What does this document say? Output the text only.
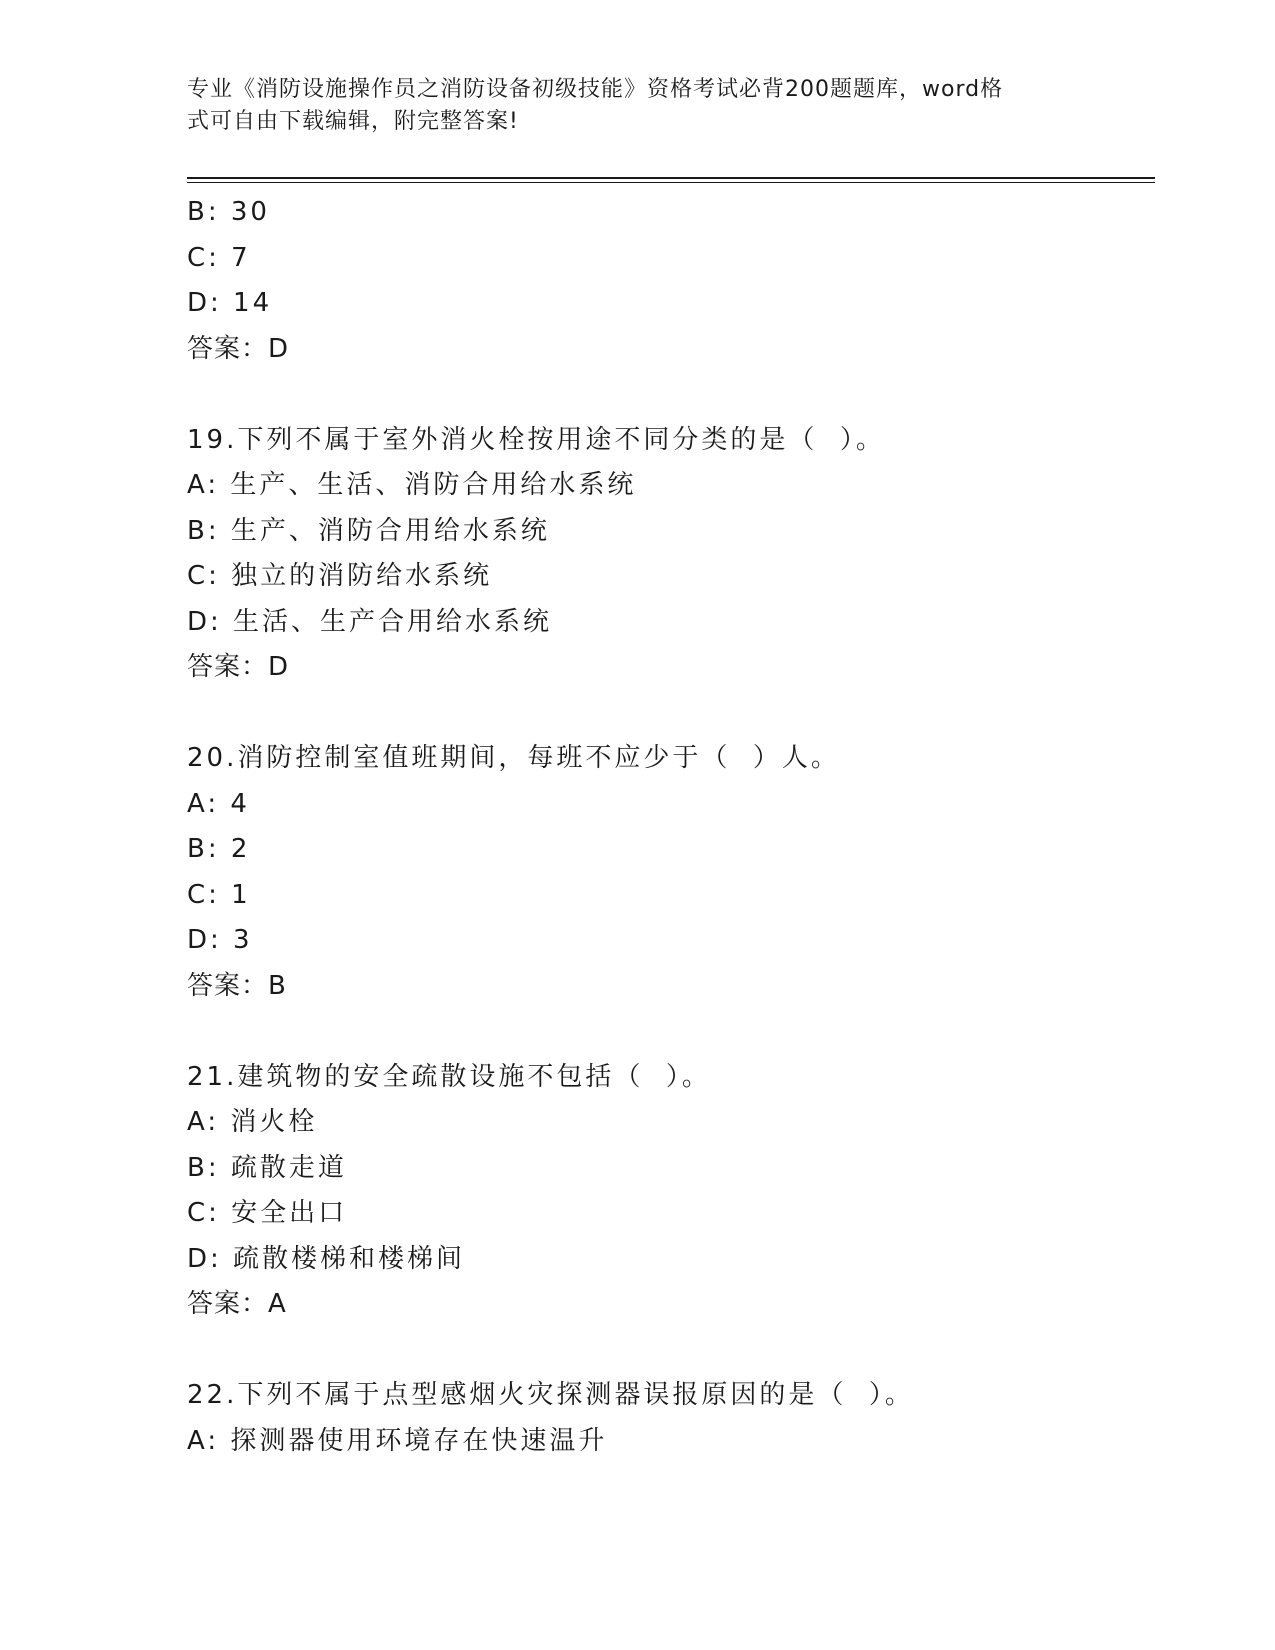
专业《消防设施操作员之消防设备初级技能》资格考试必背200题题库，word格
式可自由下载编辑，附完整答案!
B: 30
C: 7
D: 14
答案：D
19.下列不属于室外消火栓按用途不同分类的是（  ）。
A: 生产、生活、消防合用给水系统
B: 生产、消防合用给水系统
C: 独立的消防给水系统
D: 生活、生产合用给水系统
答案：D
20.消防控制室值班期间，每班不应少于（  ）人。
A: 4
B: 2
C: 1
D: 3
答案：B
21.建筑物的安全疏散设施不包括（  ）。
A: 消火栓
B: 疏散走道
C: 安全出口
D: 疏散楼梯和楼梯间
答案：A
22.下列不属于点型感烟火灾探测器误报原因的是（  ）。
A: 探测器使用环境存在快速温升
